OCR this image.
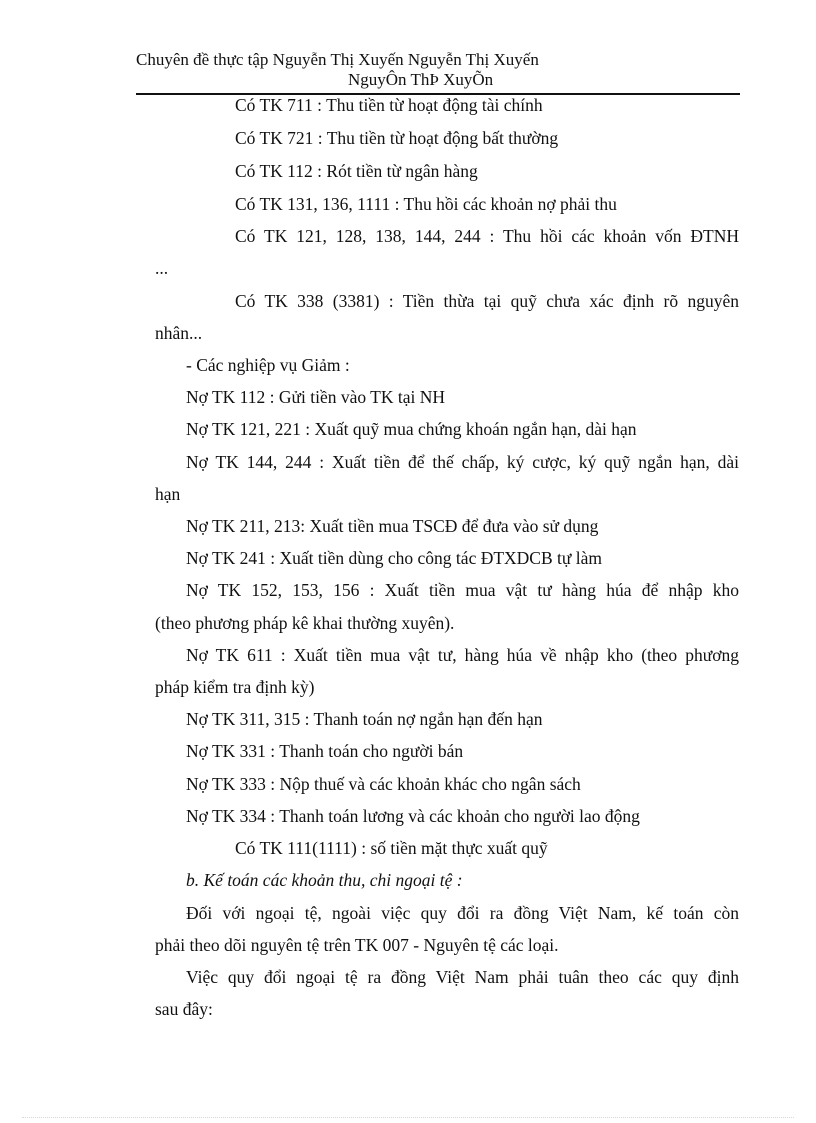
Chuyên đề thực tập Nguyễn Thị Xuyến Nguyễn Thị Xuyến
NguyÔn ThÞ XuyÕn
Có TK 711 : Thu tiền từ hoạt động tài chính
Có TK 721 : Thu tiền từ hoạt động bất thường
Có TK 112 : Rót tiền từ ngân hàng
Có TK 131, 136, 1111 : Thu hồi các khoản nợ phải thu
Có TK 121, 128, 138, 144, 244 : Thu hồi các khoản vốn ĐTNH
...
Có TK 338 (3381) : Tiền thừa tại quỹ chưa xác định rõ nguyên
nhân...
- Các nghiệp vụ Giảm :
Nợ TK 112 : Gửi tiền vào TK tại NH
Nợ TK 121, 221 : Xuất quỹ mua chứng khoán ngắn hạn, dài hạn
Nợ TK 144, 244 : Xuất tiền để thế chấp, ký cược, ký quỹ ngắn hạn, dài
hạn
Nợ TK 211, 213: Xuất tiền mua TSCĐ để đưa vào sử dụng
Nợ TK 241 : Xuất tiền dùng cho công tác ĐTXDCB tự làm
Nợ TK 152, 153, 156 : Xuất tiền mua vật tư hàng húa để nhập kho
(theo phương pháp kê khai thường xuyên).
Nợ TK 611 : Xuất tiền mua vật tư, hàng húa về nhập kho (theo phương
pháp kiểm tra định kỳ)
Nợ TK 311, 315 : Thanh toán nợ ngắn hạn đến hạn
Nợ TK 331 : Thanh toán cho người bán
Nợ TK 333 : Nộp thuế và các khoản khác cho ngân sách
Nợ TK 334 : Thanh toán lương và các khoản cho người lao động
Có TK 111(1111) : số tiền mặt thực xuất quỹ
b. Kế toán các khoản thu, chi ngoại tệ :
Đối với ngoại tệ, ngoài việc quy đổi ra đồng Việt Nam, kế toán còn
phải theo dõi nguyên tệ trên TK 007 - Nguyên tệ các loại.
Việc quy đổi ngoại tệ ra đồng Việt Nam phải tuân theo các quy định
sau đây:
